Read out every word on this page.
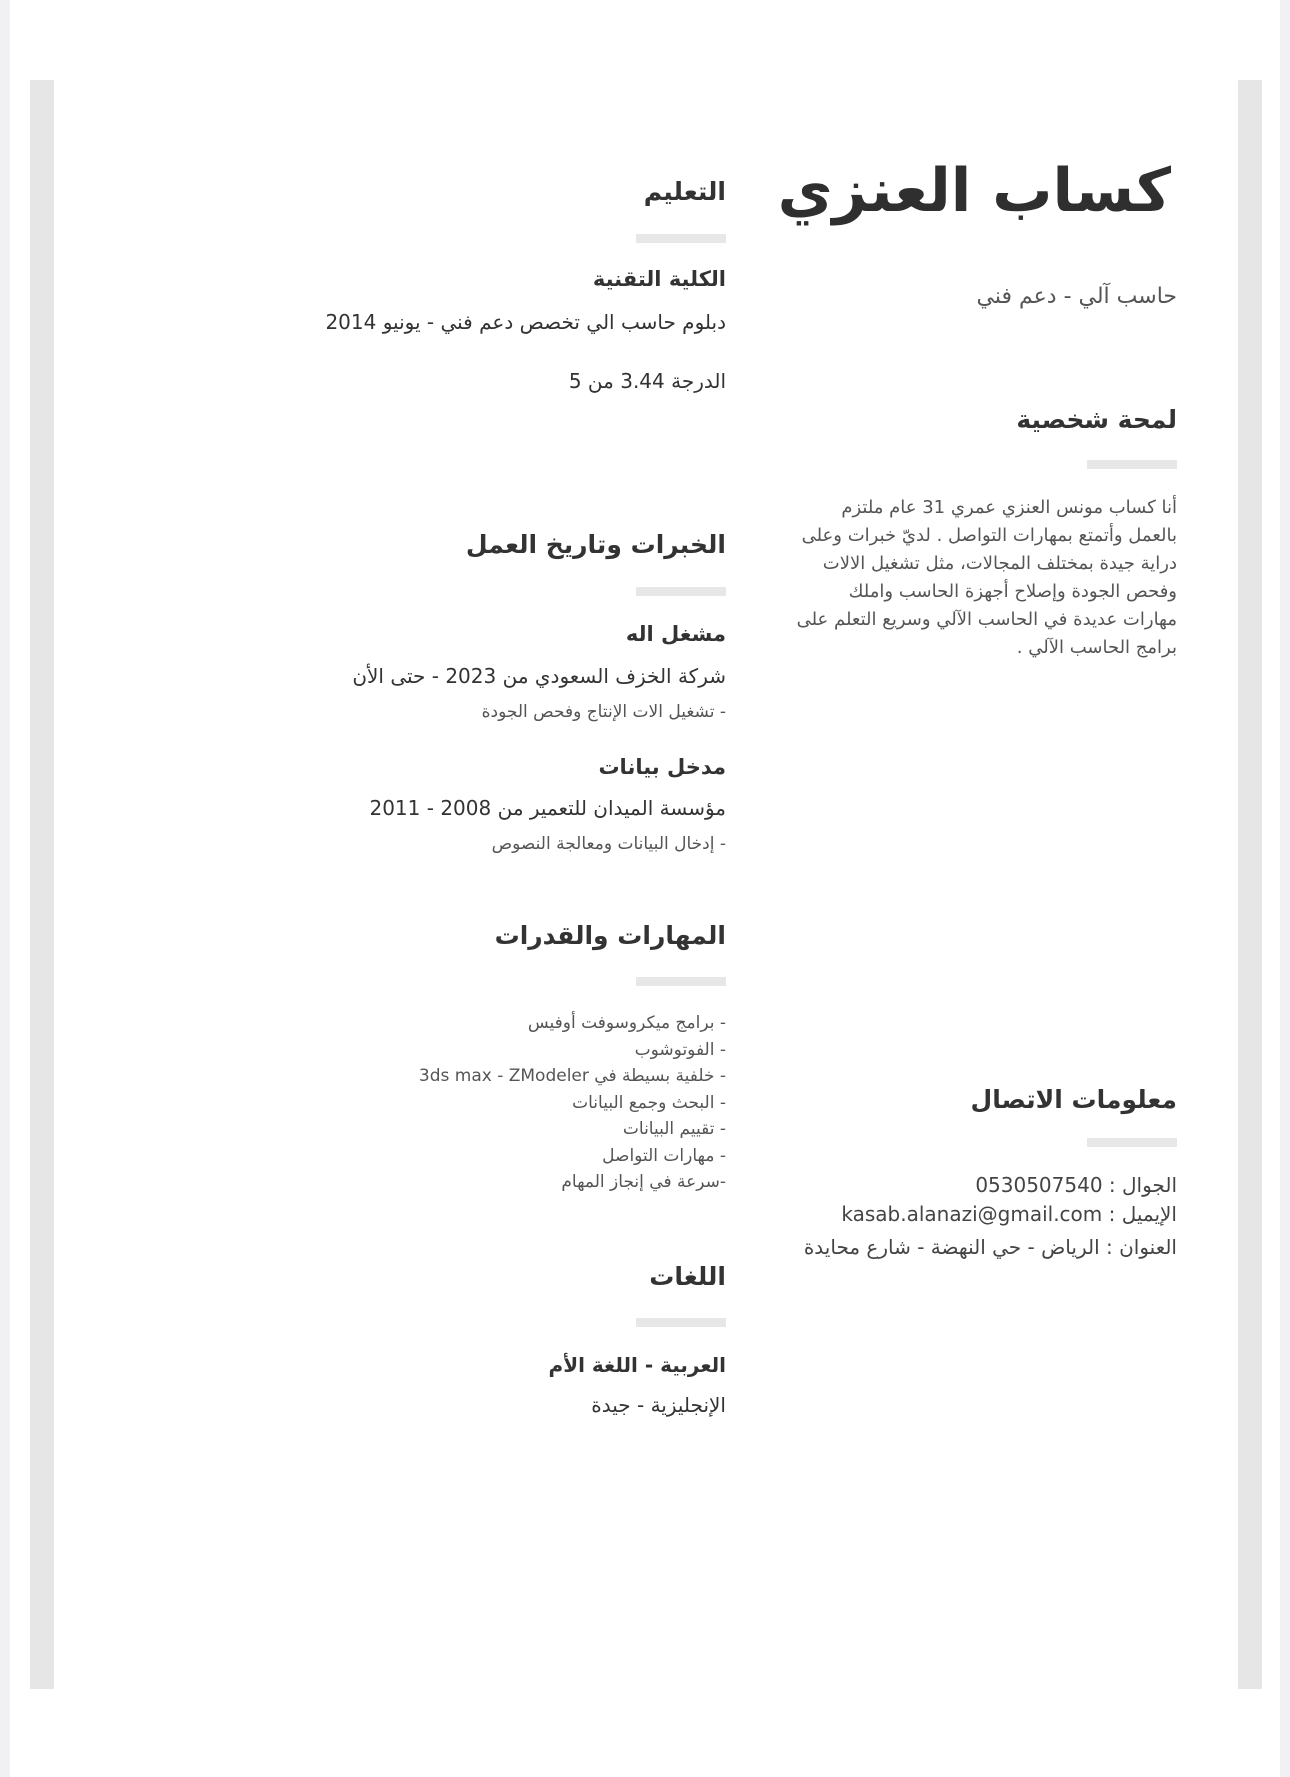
كساب العنزي
حاسب آلي - دعم فني
لمحة شخصية
أنا كساب مونس العنزي عمري 31 عام ملتزم بالعمل وأتمتع بمهارات التواصل . لديّ خبرات وعلى دراية جيدة بمختلف المجالات، مثل تشغيل الالات وفحص الجودة وإصلاح أجهزة الحاسب واملك مهارات عديدة في الحاسب الآلي وسريع التعلم على برامج الحاسب الآلي .
معلومات الاتصال
الجوال : 0530507540
الإيميل : kasab.alanazi@gmail.com
العنوان : الرياض - حي النهضة - شارع محايدة
التعليم
الكلية التقنية
دبلوم حاسب الي تخصص دعم فني - يونيو 2014
الدرجة 3.44 من 5
الخبرات وتاريخ العمل
مشغل اله
شركة الخزف السعودي من 2023 - حتى الأن
- تشغيل الات الإنتاج وفحص الجودة
مدخل بيانات
مؤسسة الميدان للتعمير من 2008 - 2011
- إدخال البيانات ومعالجة النصوص
المهارات والقدرات
- برامج ميكروسوفت أوفيس
- الفوتوشوب
- خلفية بسيطة في 3ds max - ZModeler
- البحث وجمع البيانات
- تقييم البيانات
- مهارات التواصل
-سرعة في إنجاز المهام
اللغات
العربية - اللغة الأم
الإنجليزية - جيدة
